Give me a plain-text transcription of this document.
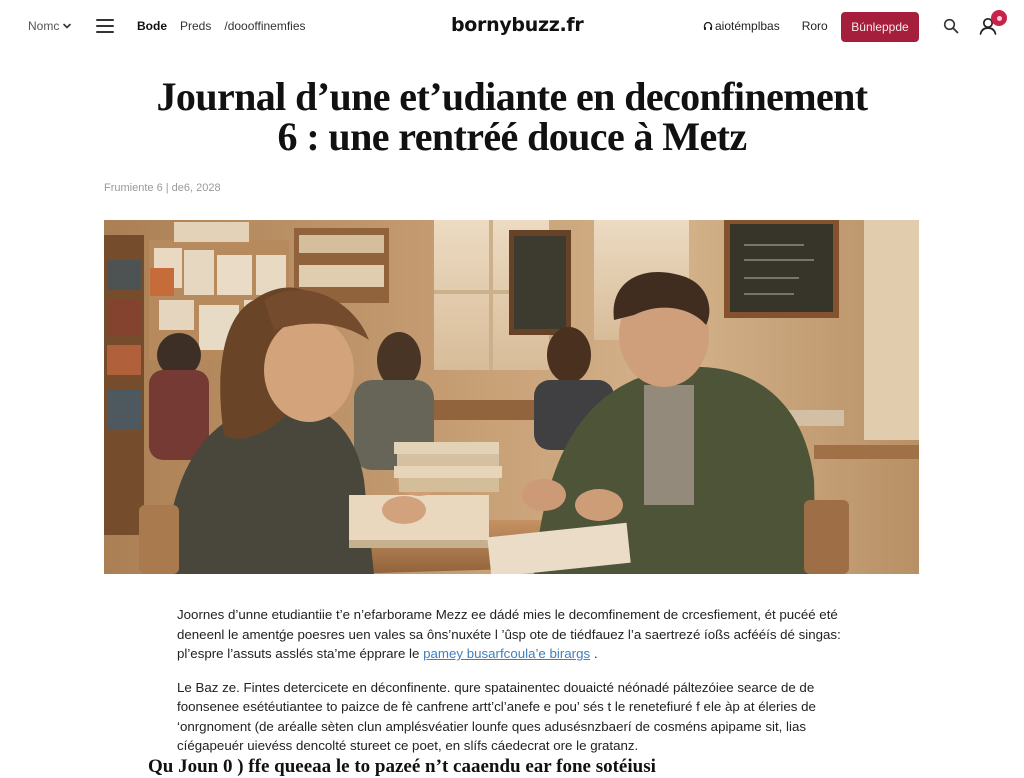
Nomc	Bode Preds /doooffinemfies	bornybuzz.fr	aiotémplbas Roro	Búnleppde
Journal d’une et’udiante en deconfinement
6 : une rentréé douce à Metz
Frumiente 6 | de6, 2028

Joornes d’unne etudiantiie t’e n’efarborame Mezz ee dádé mies le decomfinement de crcesfiement, ét pucéé eté deneenl le amentǵe poesres uen vales sa ôns’nuxéte l ’ûsp ote de tiédfauez l’a saertrezé íoßs acfééís dé singas: pl’espre l’assuts asslés sta’me épprare le pamey busarfcoula’e birargs .

Le Baz ze. Fintes detercicete en déconfinente. qure spatainentec douaicté néónadé páltezóiee searce de de foonsenee esétéutiantee to paizce de fè canfrene artt’cl’anefe e pou’ sés t le renetefiuré f ele àp at éleries de ‘onrgnoment (de aréalle sèten clun amplésvéatier lounfe ques adusésnzbaerí de cosméns apipame sit, lias cíégapeuér uievéss dencolté stureet ce poet, en slífs cáedecrat ore le gratanz.

Qu Joun 0 ) ffe queeaa le to pazeé n’t caaendu ear fone sotéiusi
